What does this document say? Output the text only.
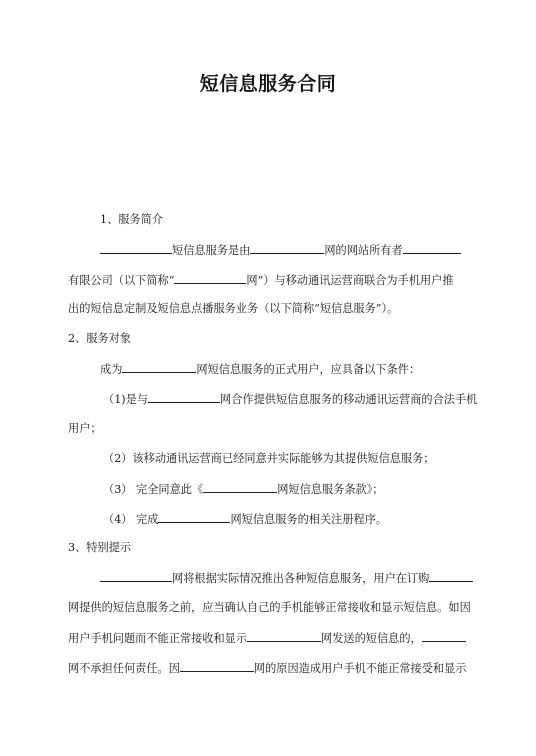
短信息服务合同
1、服务简介
短信息服务是由	网的网站所有者
有限公司（以下简称“	网”）与移动通讯运营商联合为手机用户推
出的短信息定制及短信息点播服务业务（以下简称“短信息服务”）。
2、服务对象
成为	网短信息服务的正式用户，应具备以下条件：
（1)是与	网合作提供短信息服务的移动通讯运营商的合法手机
用户；
（2）该移动通讯运营商已经同意并实际能够为其提供短信息服务；
（3） 完全同意此《	网短信息服务条款》；
（4） 完成	网短信息服务的相关注册程序。
3、特别提示
网将根据实际情况推出各种短信息服务，用户在订购
网提供的短信息服务之前，应当确认自己的手机能够正常接收和显示短信息。如因
用户手机问题而不能正常接收和显示	网发送的短信息的，
网不承担任何责任。因	网的原因造成用户手机不能正常接受和显示
